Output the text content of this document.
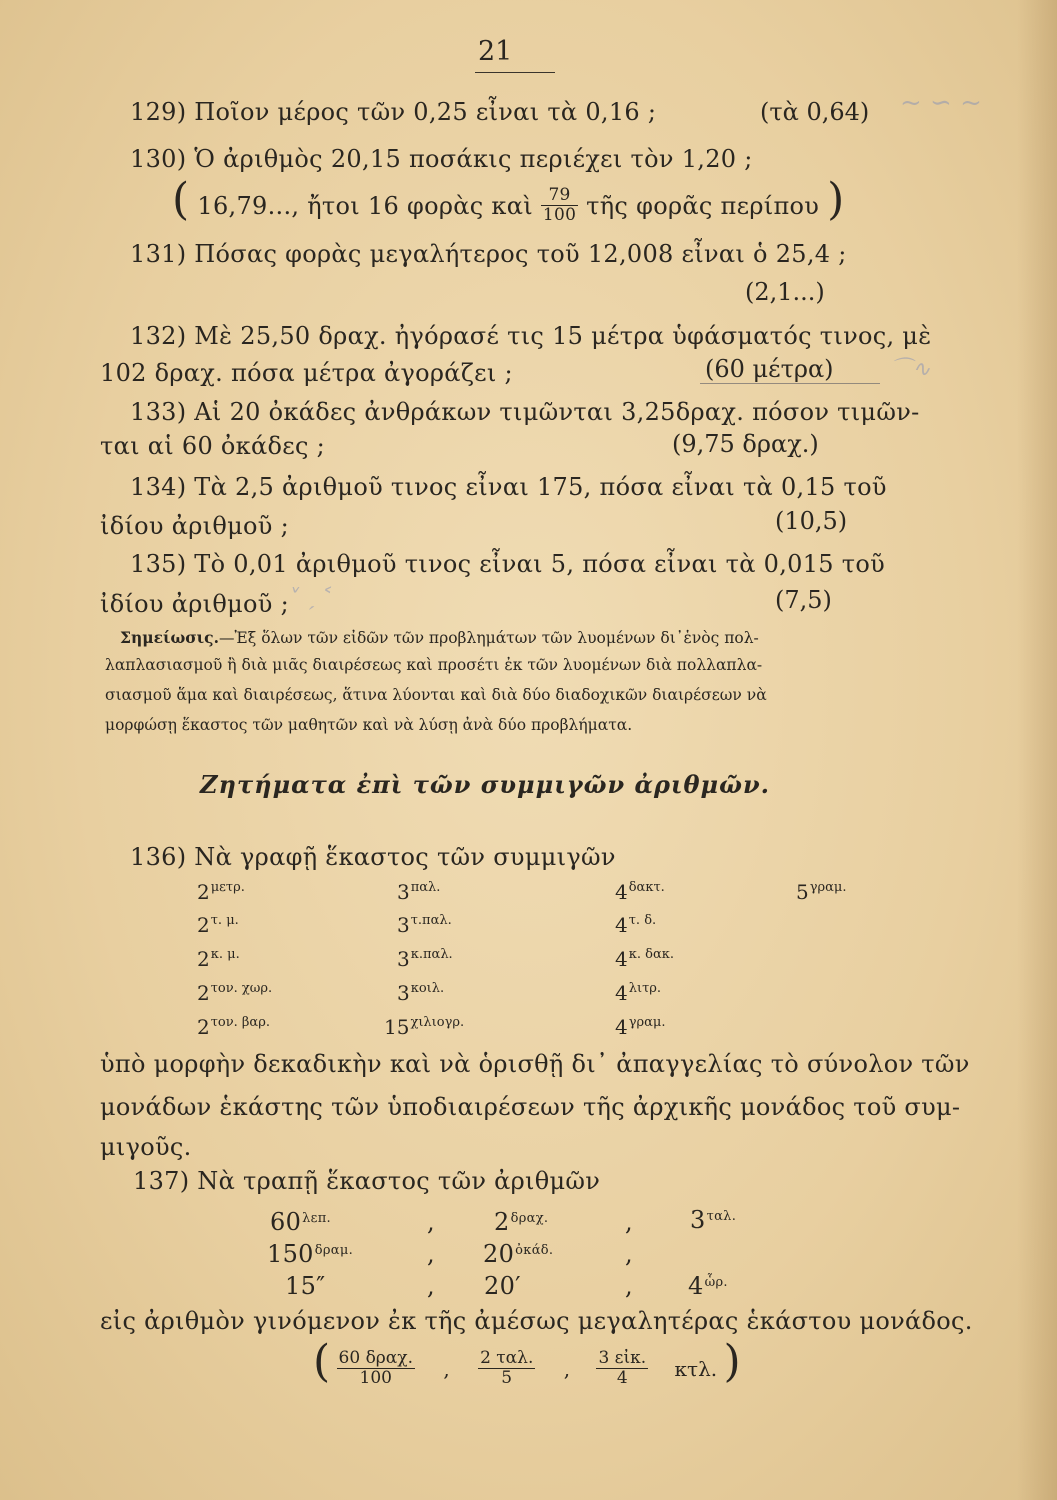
21
129) Ποῖον μέρος τῶν 0,25 εἶναι τὰ 0,16 ;	(τὰ 0,64)
130) Ὁ ἀριθμὸς 20,15 ποσάκις περιέχει τὸν 1,20 ;
( 16,79..., ἤτοι 16 φορὰς καὶ $\frac{79}{100}$ τῆς φορᾶς περίπου )
131) Πόσας φορὰς μεγαλήτερος τοῦ 12,008 εἶναι ὁ 25,4 ;
(2,1...)
132) Μὲ 25,50 δραχ. ἠγόρασέ τις 15 μέτρα ὑφάσματός τινος, μὲ
102 δραχ. πόσα μέτρα ἀγοράζει ;	(60 μέτρα)
133) Αἱ 20 ὀκάδες ἀνθράκων τιμῶνται 3,25δραχ. πόσον τιμῶν-
ται αἱ 60 ὀκάδες ;	(9,75 δραχ.)
134) Τὰ 2,5 ἀριθμοῦ τινος εἶναι 175, πόσα εἶναι τὰ 0,15 τοῦ
ἰδίου ἀριθμοῦ ;	(10,5)
135) Τὸ 0,01 ἀριθμοῦ τινος εἶναι 5, πόσα εἶναι τὰ 0,015 τοῦ
ἰδίου ἀριθμοῦ ;	(7,5)
Σημείωσις.—Ἐξ ὅλων τῶν εἰδῶν τῶν προβλημάτων τῶν λυομένων δι᾽ἑνὸς πολ-
λαπλασιασμοῦ ἢ διὰ μιᾶς διαιρέσεως καὶ προσέτι ἐκ τῶν λυομένων διὰ πολλαπλα-
σιασμοῦ ἅμα καὶ διαιρέσεως, ἅτινα λύονται καὶ διὰ δύο διαδοχικῶν διαιρέσεων νὰ
μορφώσῃ ἕκαστος τῶν μαθητῶν καὶ νὰ λύσῃ ἀνὰ δύο προβλήματα.
Ζητήματα ἐπὶ τῶν συμμιγῶν ἀριθμῶν.
136) Νὰ γραφῇ ἕκαστος τῶν συμμιγῶν
$2^{\mu\varepsilon\tau\rho.}$	$3^{\pi\alpha\lambda.}$	$4^{\delta\alpha\kappa\tau.}$	$5^{\gamma\rho\alpha\mu.}$
$2^{\tau. \mu.}$	$3^{\tau.\pi\alpha\lambda.}$	$4^{\tau. \delta.}$
$2^{\kappa. \mu.}$	$3^{\kappa.\pi\alpha\lambda.}$	$4^{\kappa. \delta\alpha\kappa.}$
$2^{\tau o\nu. \chi\omega\rho.}$	$3^{\kappa o\iota\lambda.}$	$4^{\lambda\iota\tau\rho.}$
$2^{\tau o\nu. \beta\alpha\rho.}$	$15^{\chi\iota\lambda\iota o\gamma\rho.}$	$4^{\gamma\rho\alpha\mu.}$
ὑπὸ μορφὴν δεκαδικὴν καὶ νὰ ὁρισθῇ δι᾽ ἀπαγγελίας τὸ σύνολον τῶν
μονάδων ἑκάστης τῶν ὑποδιαιρέσεων τῆς ἀρχικῆς μονάδος τοῦ συμ-
μιγοῦς.
137) Νὰ τραπῇ ἕκαστος τῶν ἀριθμῶν
$60^{\lambda\varepsilon\pi.}$	, $2^{\delta\rho\alpha\chi.}$	, $3^{\tau\alpha\lambda.}$
$150^{\delta\rho\alpha\mu.}$	, $20^{ὀ\kappa ά\delta.}$	,
15″	, 20′	, $4^{ὧ\rho.}$
εἰς ἀριθμὸν γινόμενον ἐκ τῆς ἀμέσως μεγαλητέρας ἑκάστου μονάδος.
( $\frac{\text{60 δραχ.}}{100}$ , $\frac{\text{2 ταλ.}}{5}$ , $\frac{\text{3 εἰκ.}}{4} \kappa\tau\lambda$. )
~ ∽ ~
⌒∿
˅ ˏ ˂
